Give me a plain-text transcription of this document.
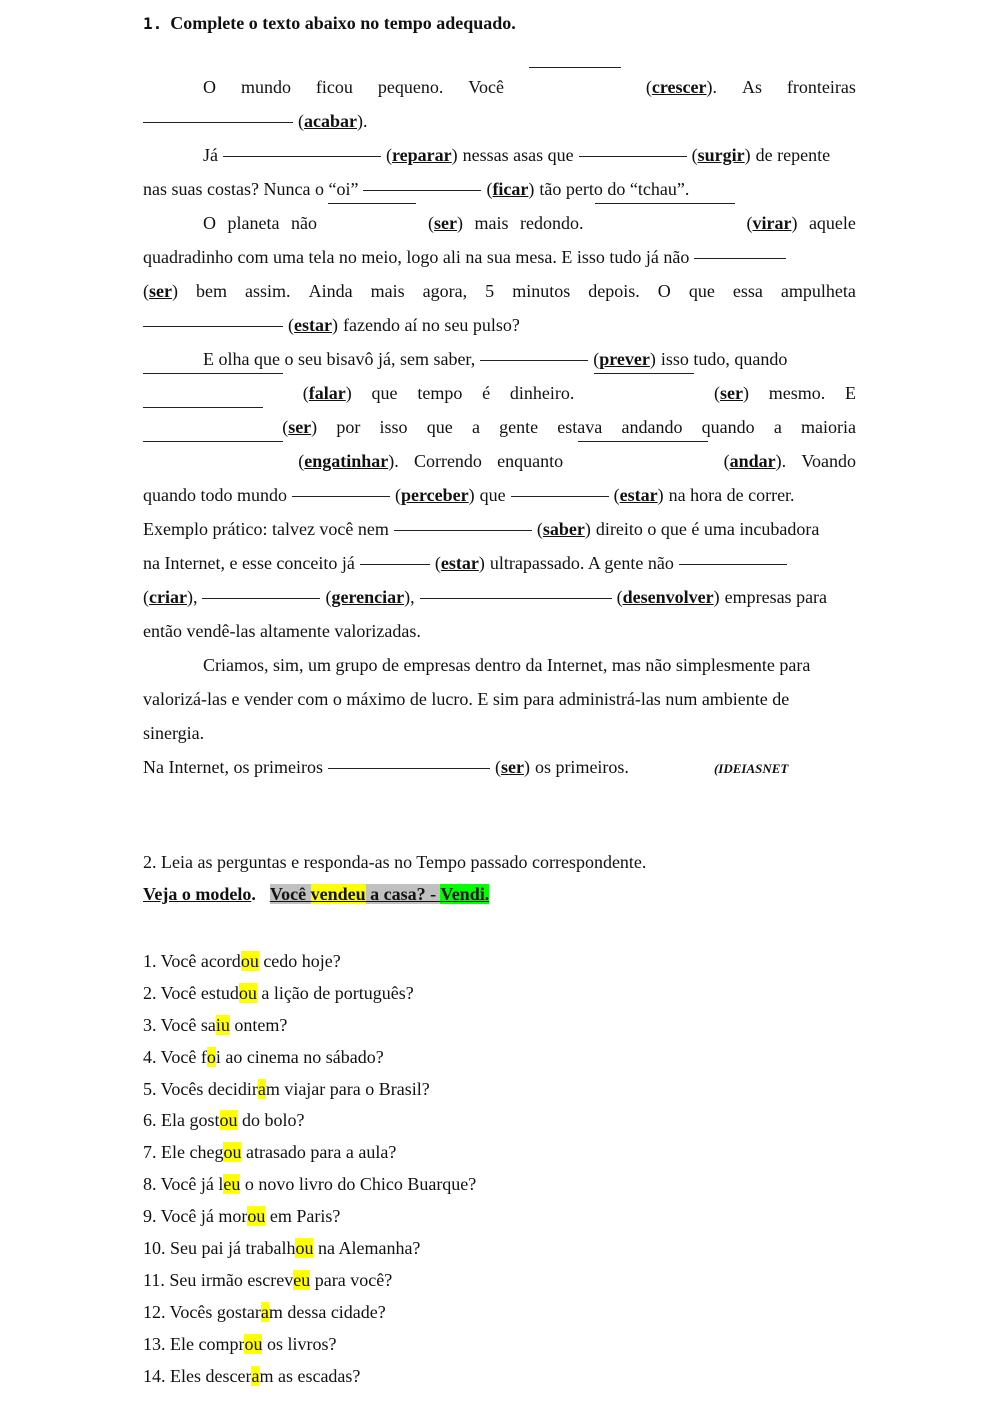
1. Complete o texto abaixo no tempo adequado.
O mundo ficou pequeno. Você	(crescer). As fronteiras
(acabar).
Já	(reparar) nessas asas que	(surgir) de repente
nas suas costas? Nunca o “oi”	(ficar) tão perto do “tchau”.
O planeta não	(ser) mais redondo.	(virar) aquele
quadradinho com uma tela no meio, logo ali na sua mesa. E isso tudo já não
(ser) bem assim. Ainda mais agora, 5 minutos depois. O que essa ampulheta
(estar) fazendo aí no seu pulso?
E olha que o seu bisavô já, sem saber,	(prever) isso tudo, quando
(falar) que tempo é dinheiro.	(ser) mesmo. E
(ser) por isso que a gente estava andando quando a maioria
(engatinhar). Correndo enquanto	(andar). Voando
quando todo mundo	(perceber) que	(estar) na hora de correr.
Exemplo prático: talvez você nem	(saber) direito o que é uma incubadora
na Internet, e esse conceito já	(estar) ultrapassado. A gente não
(criar),	(gerenciar),	(desenvolver) empresas para
então vendê-las altamente valorizadas.
Criamos, sim, um grupo de empresas dentro da Internet, mas não simplesmente para
valorizá-las e vender com o máximo de lucro. E sim para administrá-las num ambiente de
sinergia.
Na Internet, os primeiros	(ser) os primeiros.	(IDEIASNET
2. Leia as perguntas e responda-as no Tempo passado correspondente.
Veja o modelo. Você vendeu a casa? - Vendi.
1. Você acordou cedo hoje?
2. Você estudou a lição de português?
3. Você saiu ontem?
4. Você foi ao cinema no sábado?
5. Vocês decidiram viajar para o Brasil?
6. Ela gostou do bolo?
7. Ele chegou atrasado para a aula?
8. Você já leu o novo livro do Chico Buarque?
9. Você já morou em Paris?
10. Seu pai já trabalhou na Alemanha?
11. Seu irmão escreveu para você?
12. Vocês gostaram dessa cidade?
13. Ele comprou os livros?
14. Eles desceram as escadas?
